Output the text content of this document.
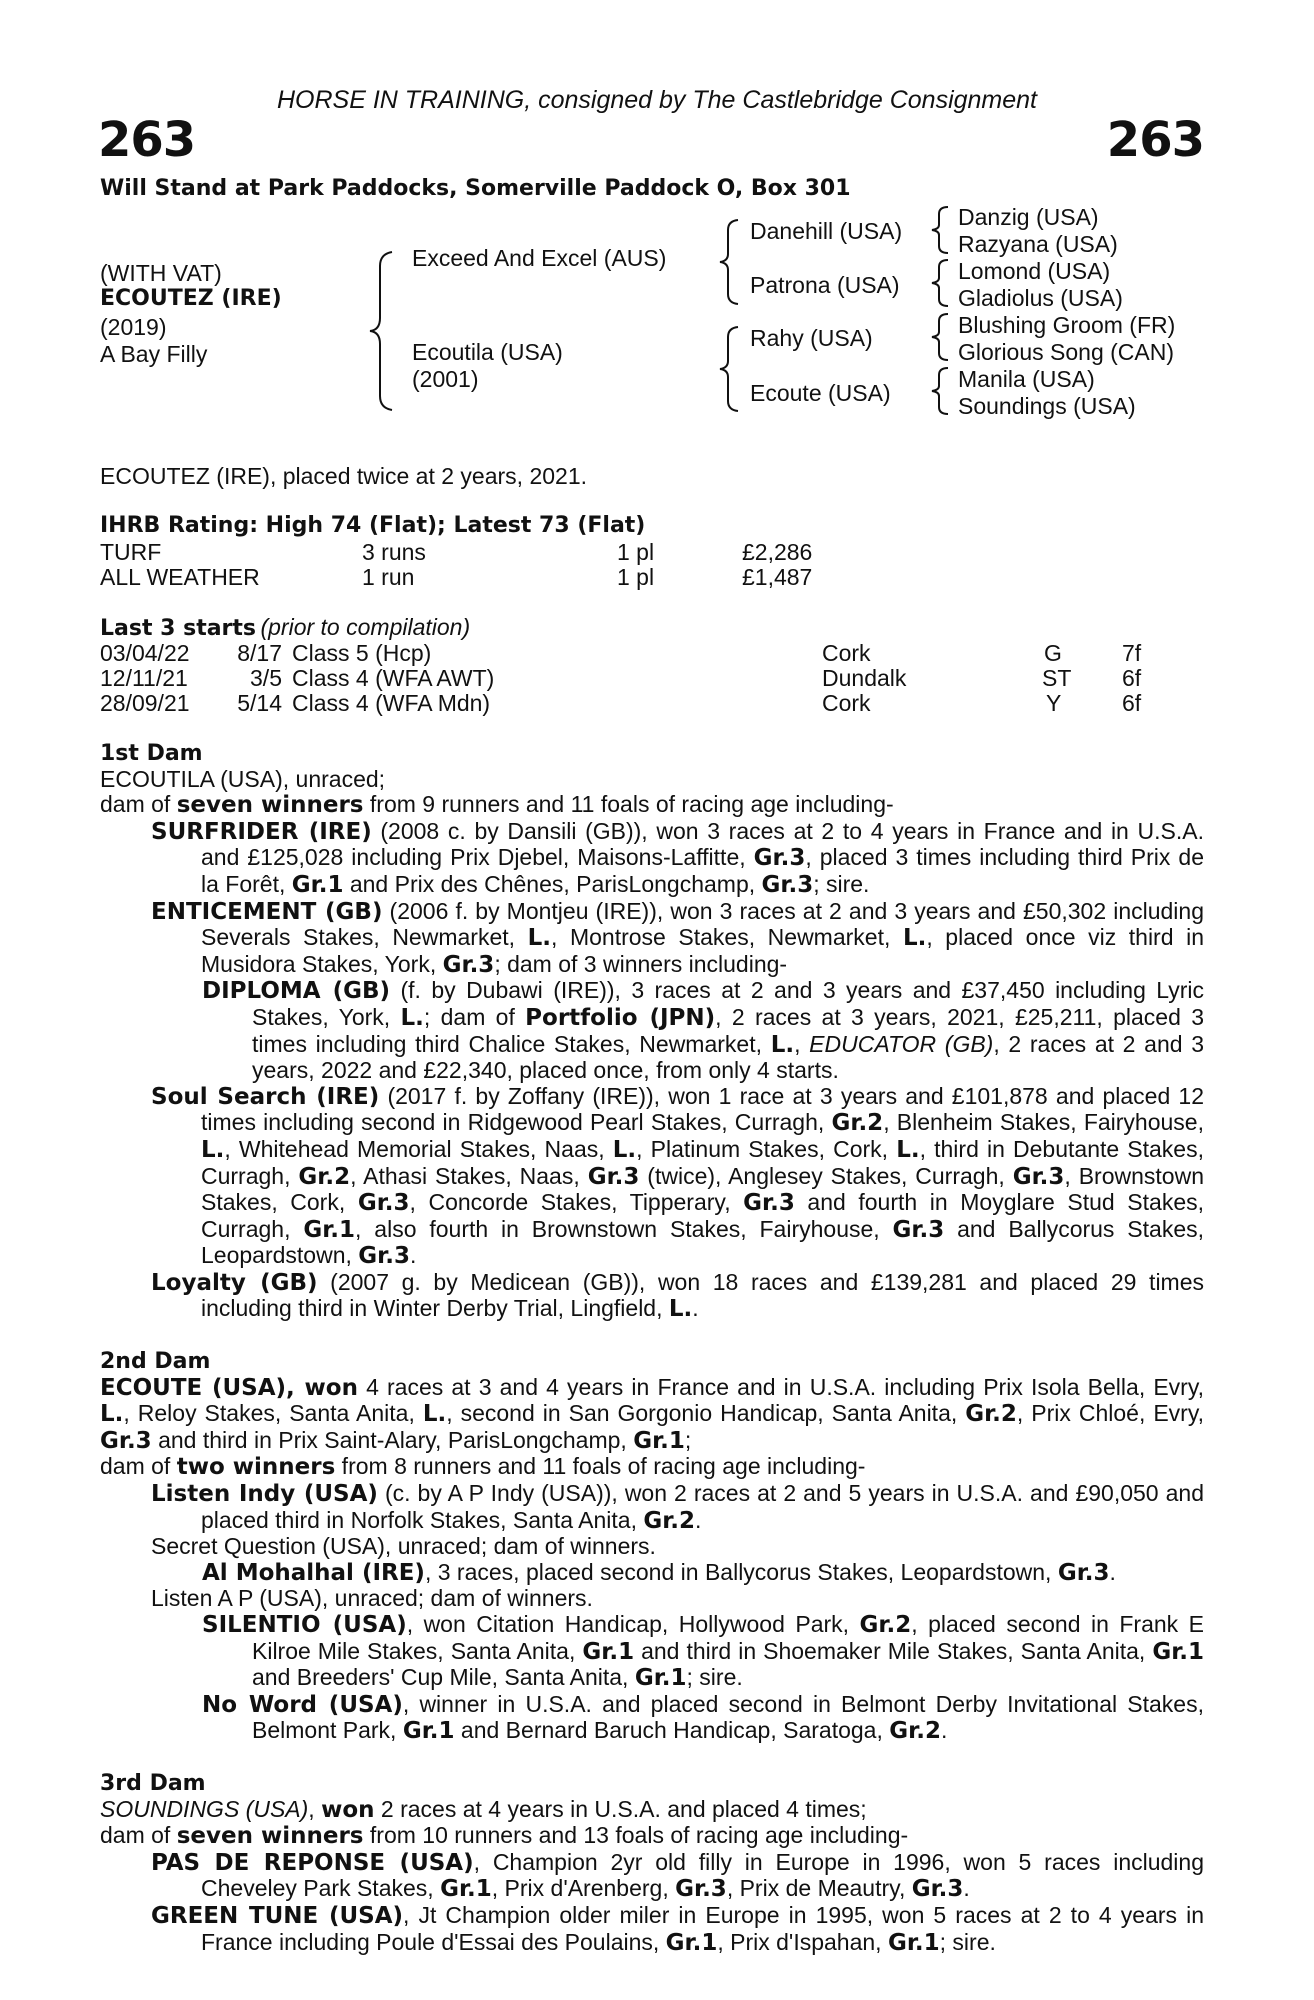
HORSE IN TRAINING, consigned by The Castlebridge Consignment
263	263
Will Stand at Park Paddocks, Somerville Paddock O, Box 301
(WITH VAT)
ECOUTEZ (IRE)
(2019)
A Bay Filly
Exceed And Excel (AUS)
Ecoutila (USA)
(2001)
Danehill (USA)
Patrona (USA)
Rahy (USA)
Ecoute (USA)
Danzig (USA)
Razyana (USA)
Lomond (USA)
Gladiolus (USA)
Blushing Groom (FR)
Glorious Song (CAN)
Manila (USA)
Soundings (USA)
ECOUTEZ (IRE), placed twice at 2 years, 2021.
IHRB Rating: High 74 (Flat); Latest 73 (Flat)
TURF	3 runs	1 pl	£2,286
ALL WEATHER	1 run	1 pl	£1,487
Last 3 starts (prior to compilation)
03/04/22	8/17 Class 5 (Hcp)	Cork	G	7f
12/11/21	3/5 Class 4 (WFA AWT)	Dundalk	ST 6f
28/09/21	5/14 Class 4 (WFA Mdn)	Cork	Y	6f

1st Dam

ECOUTILA (USA), unraced;

dam of seven winners from 9 runners and 11 foals of racing age including-

SURFRIDER (IRE) (2008 c. by Dansili (GB)), won 3 races at 2 to 4 years in France and in U.S.A. and £125,028 including Prix Djebel, Maisons-Laffitte, Gr.3, placed 3 times including third Prix de la Forêt, Gr.1 and Prix des Chênes, ParisLongchamp, Gr.3; sire.

ENTICEMENT (GB) (2006 f. by Montjeu (IRE)), won 3 races at 2 and 3 years and £50,302 including Severals Stakes, Newmarket, L., Montrose Stakes, Newmarket, L., placed once viz third in Musidora Stakes, York, Gr.3; dam of 3 winners including-

DIPLOMA (GB) (f. by Dubawi (IRE)), 3 races at 2 and 3 years and £37,450 including Lyric Stakes, York, L.; dam of Portfolio (JPN), 2 races at 3 years, 2021, £25,211, placed 3 times including third Chalice Stakes, Newmarket, L., EDUCATOR (GB), 2 races at 2 and 3 years, 2022 and £22,340, placed once, from only 4 starts.

Soul Search (IRE) (2017 f. by Zoffany (IRE)), won 1 race at 3 years and £101,878 and placed 12 times including second in Ridgewood Pearl Stakes, Curragh, Gr.2, Blenheim Stakes, Fairyhouse, L., Whitehead Memorial Stakes, Naas, L., Platinum Stakes, Cork, L., third in Debutante Stakes, Curragh, Gr.2, Athasi Stakes, Naas, Gr.3 (twice), Anglesey Stakes, Curragh, Gr.3, Brownstown Stakes, Cork, Gr.3, Concorde Stakes, Tipperary, Gr.3 and fourth in Moyglare Stud Stakes, Curragh, Gr.1, also fourth in Brownstown Stakes, Fairyhouse, Gr.3 and Ballycorus Stakes, Leopardstown, Gr.3.

Loyalty (GB) (2007 g. by Medicean (GB)), won 18 races and £139,281 and placed 29 times including third in Winter Derby Trial, Lingfield, L..

2nd Dam

ECOUTE (USA), won 4 races at 3 and 4 years in France and in U.S.A. including Prix Isola Bella, Evry, L., Reloy Stakes, Santa Anita, L., second in San Gorgonio Handicap, Santa Anita, Gr.2, Prix Chloé, Evry, Gr.3 and third in Prix Saint-Alary, ParisLongchamp, Gr.1;

dam of two winners from 8 runners and 11 foals of racing age including-

Listen Indy (USA) (c. by A P Indy (USA)), won 2 races at 2 and 5 years in U.S.A. and £90,050 and placed third in Norfolk Stakes, Santa Anita, Gr.2.

Secret Question (USA), unraced; dam of winners.

Al Mohalhal (IRE), 3 races, placed second in Ballycorus Stakes, Leopardstown, Gr.3.

Listen A P (USA), unraced; dam of winners.

SILENTIO (USA), won Citation Handicap, Hollywood Park, Gr.2, placed second in Frank E Kilroe Mile Stakes, Santa Anita, Gr.1 and third in Shoemaker Mile Stakes, Santa Anita, Gr.1 and Breeders' Cup Mile, Santa Anita, Gr.1; sire.

No Word (USA), winner in U.S.A. and placed second in Belmont Derby Invitational Stakes, Belmont Park, Gr.1 and Bernard Baruch Handicap, Saratoga, Gr.2.

3rd Dam

SOUNDINGS (USA), won 2 races at 4 years in U.S.A. and placed 4 times;

dam of seven winners from 10 runners and 13 foals of racing age including-

PAS DE REPONSE (USA), Champion 2yr old filly in Europe in 1996, won 5 races including Cheveley Park Stakes, Gr.1, Prix d'Arenberg, Gr.3, Prix de Meautry, Gr.3.

GREEN TUNE (USA), Jt Champion older miler in Europe in 1995, won 5 races at 2 to 4 years in France including Poule d'Essai des Poulains, Gr.1, Prix d'Ispahan, Gr.1; sire.
